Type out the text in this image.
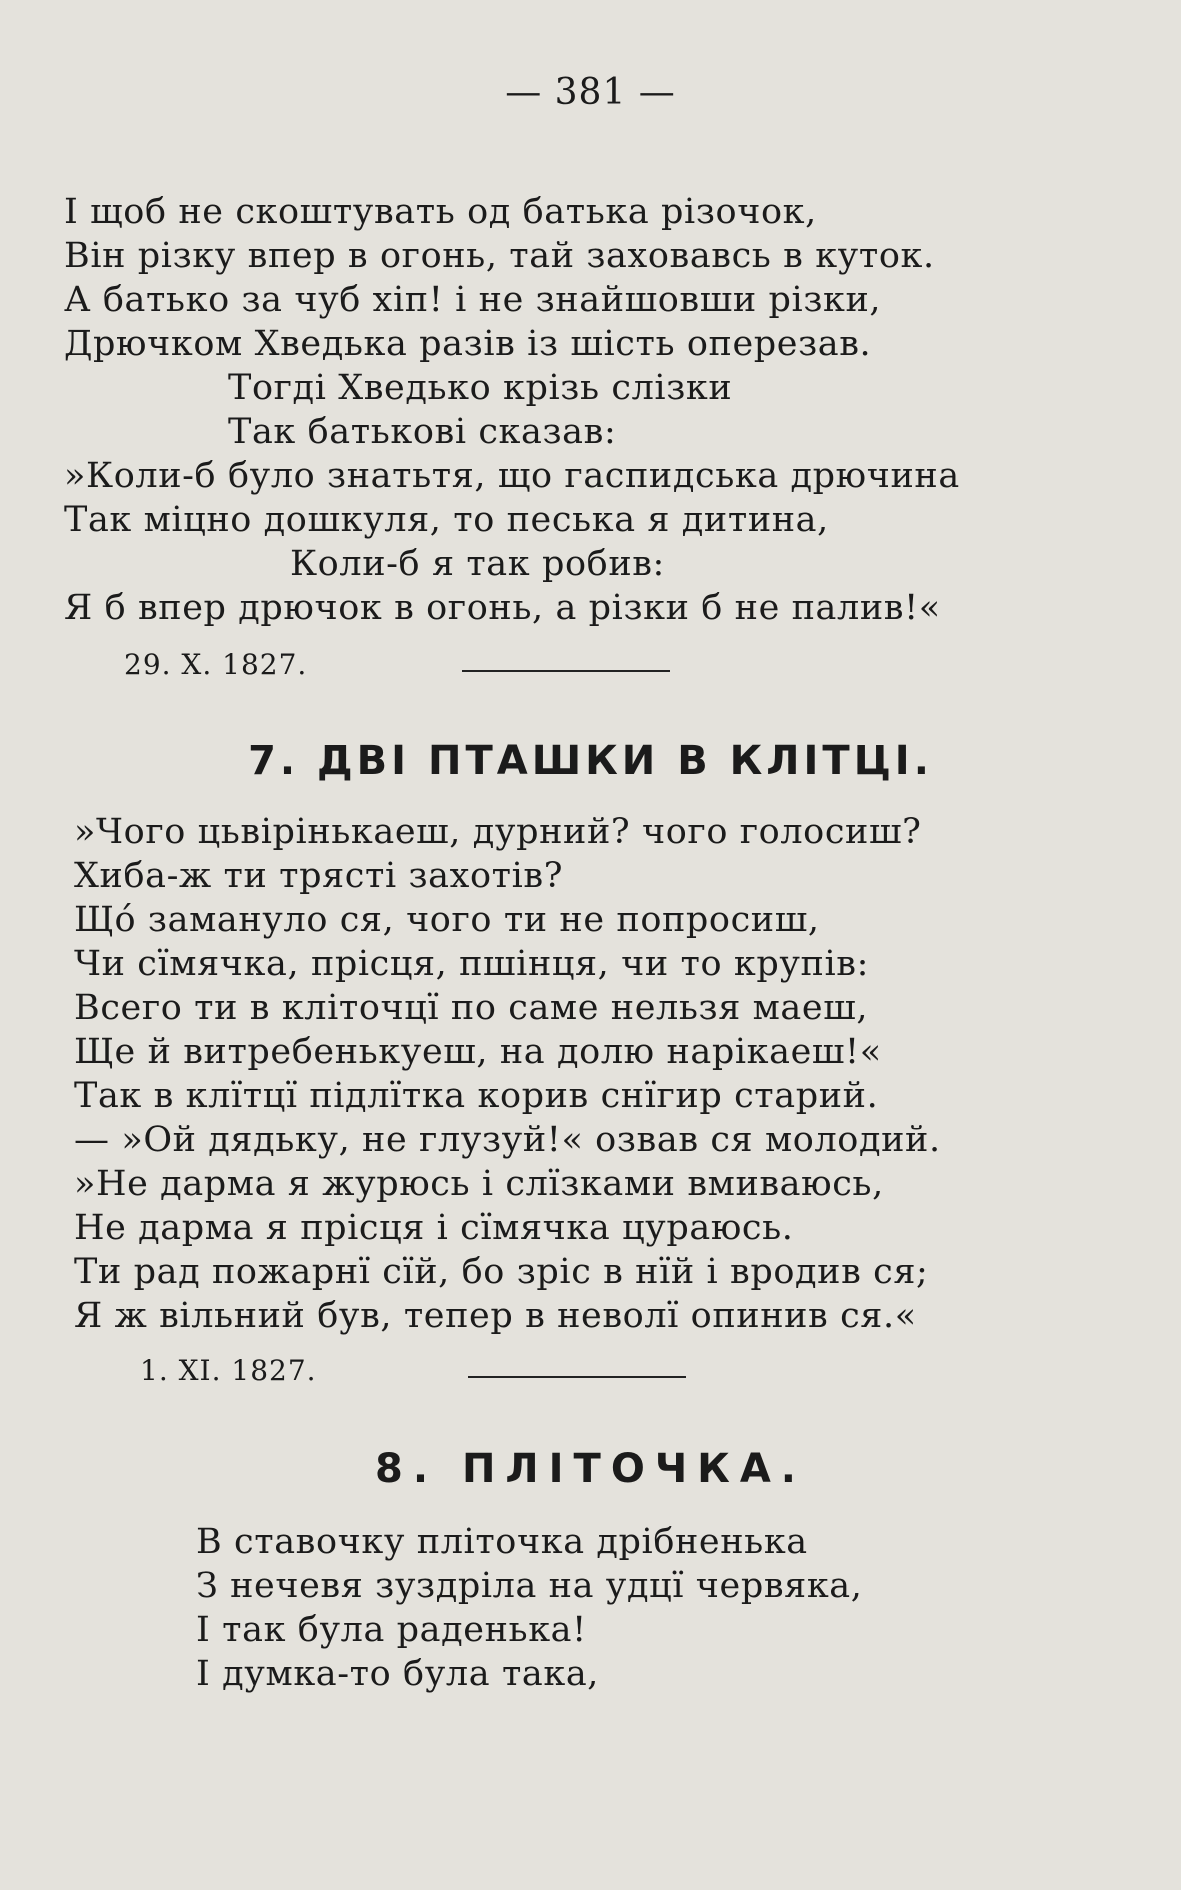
— 381 —
І щоб не скоштувать од батька різочок,
Він різку впер в огонь, тай заховавсь в куток.
А батько за чуб хіп! і не знайшовши різки,
Дрючком Хведька разів із шість оперезав.
Тогді Хведько крізь слізки
Так батькові сказав:
»Коли-б було знатьтя, що гаспидська дрючина
Так міцно дошкуля, то песька я дитина,
Коли-б я так робив:
Я б впер дрючок в огонь, а різки б не палив!«
29. X. 1827.
7. ДВІ ПТАШКИ В КЛІТЦІ.
»Чого цьвірінькаеш, дурний? чого голосиш?
Хиба-ж ти трясті захотів?
Що́ заманулo ся, чого ти не попросиш,
Чи сїмячка, прісця, пшінця, чи то крупів:
Всего ти в кліточцї по саме нельзя маеш,
Ще й витребенькуеш, на долю нарікаеш!«
Так в клїтцї підлїтка корив снїгир старий.
— »Ой дядьку, не глузуй!« озвав ся молодий.
»Не дарма я журюсь і слїзками вмиваюсь,
Не дарма я прісця і сїмячка цураюсь.
Ти рад пожарнї сїй, бо зріс в нїй і вродив ся;
Я ж вільний був, тепер в неволї опинив ся.«
1. XI. 1827.
8. ПЛІТОЧКА.
В ставочку пліточка дрібненька
З нечевя зуздріла на удцї червяка,
І так була раденька!
І думка-то була така,
